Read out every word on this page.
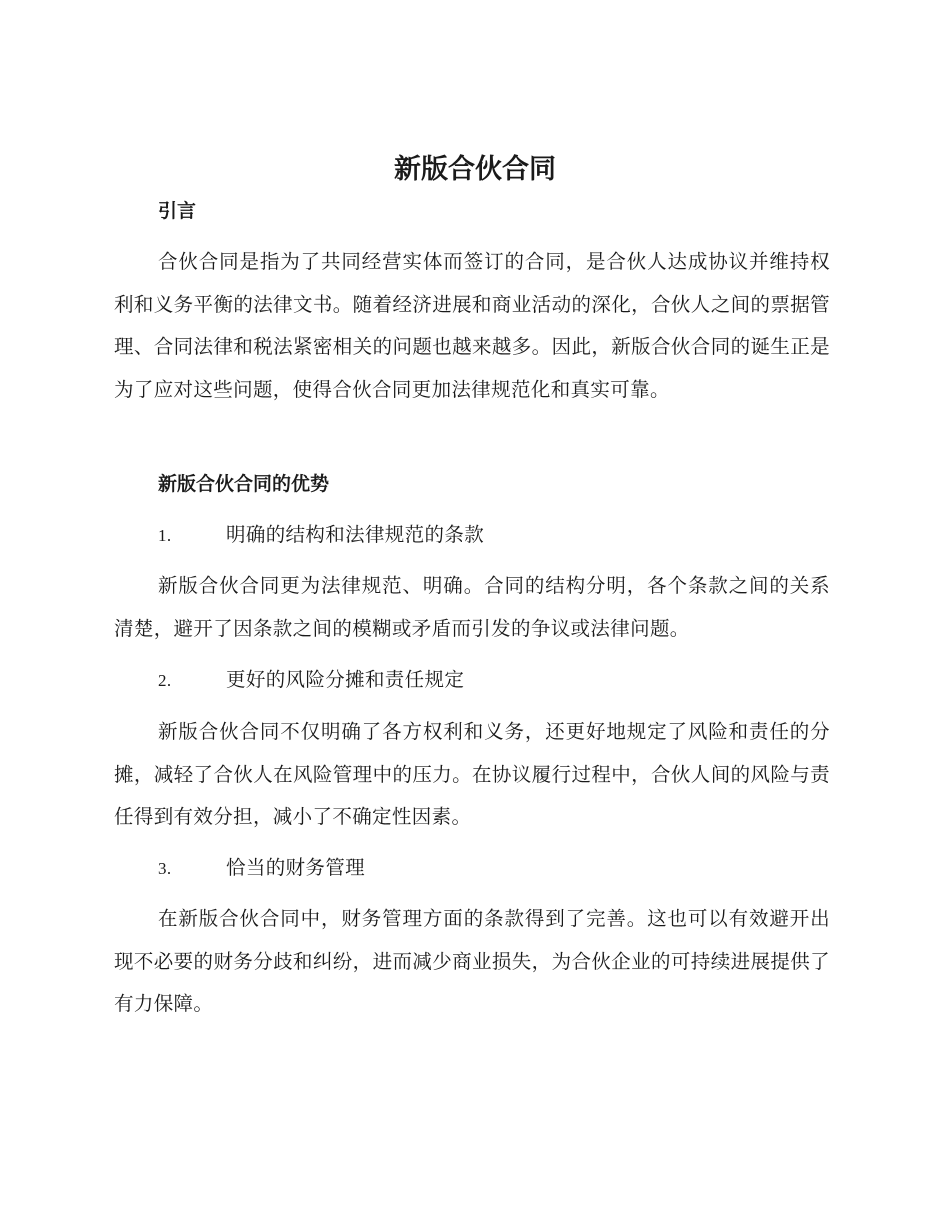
新版合伙合同
引言

合伙合同是指为了共同经营实体而签订的合同，是合伙人达成协议并维持权利和义务平衡的法律文书。随着经济进展和商业活动的深化，合伙人之间的票据管理、合同法律和税法紧密相关的问题也越来越多。因此，新版合伙合同的诞生正是为了应对这些问题，使得合伙合同更加法律规范化和真实可靠。

新版合伙合同的优势
1.	明确的结构和法律规范的条款

新版合伙合同更为法律规范、明确。合同的结构分明，各个条款之间的关系清楚，避开了因条款之间的模糊或矛盾而引发的争议或法律问题。

2.	更好的风险分摊和责任规定

新版合伙合同不仅明确了各方权利和义务，还更好地规定了风险和责任的分摊，减轻了合伙人在风险管理中的压力。在协议履行过程中，合伙人间的风险与责任得到有效分担，减小了不确定性因素。

3.	恰当的财务管理

在新版合伙合同中，财务管理方面的条款得到了完善。这也可以有效避开出现不必要的财务分歧和纠纷，进而减少商业损失，为合伙企业的可持续进展提供了有力保障。
